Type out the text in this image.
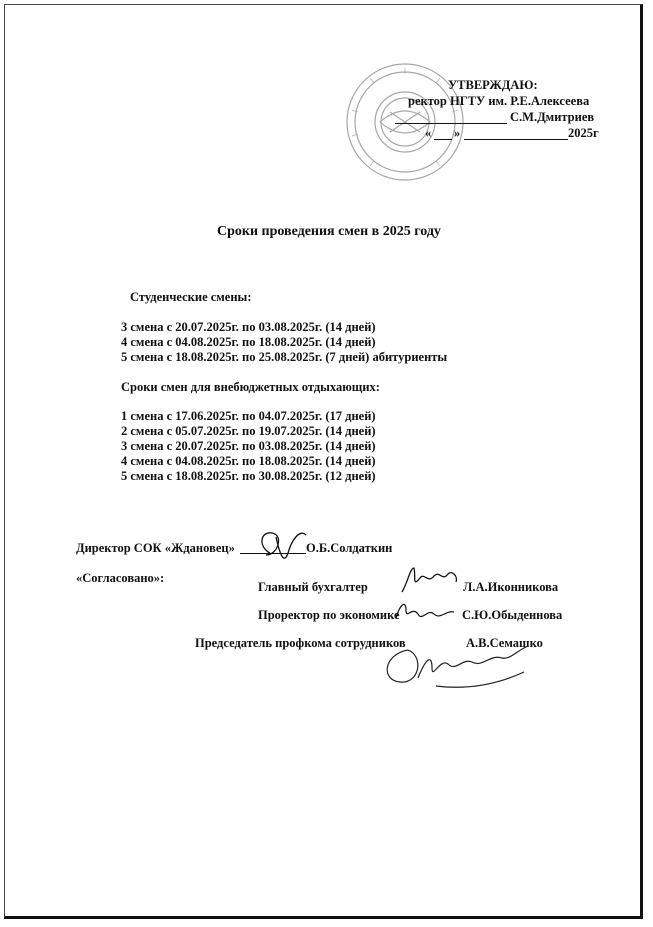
УТВЕРЖДАЮ:
ректор НГТУ им. Р.Е.Алексеева
С.М.Дмитриев
« »	2025г
Сроки проведения смен в 2025 году
Студенческие смены:
3 смена с 20.07.2025г. по 03.08.2025г. (14 дней)
4 смена с 04.08.2025г. по 18.08.2025г. (14 дней)
5 смена с 18.08.2025г. по 25.08.2025г. (7 дней) абитуриенты
Сроки смен для внебюджетных отдыхающих:
1 смена с 17.06.2025г. по 04.07.2025г. (17 дней)
2 смена с 05.07.2025г. по 19.07.2025г. (14 дней)
3 смена с 20.07.2025г. по 03.08.2025г. (14 дней)
4 смена с 04.08.2025г. по 18.08.2025г. (14 дней)
5 смена с 18.08.2025г. по 30.08.2025г. (12 дней)
Директор СОК «Ждановец»	О.Б.Солдаткин
«Согласовано»:
Главный бухгалтер	Л.А.Иконникова
Проректор по экономике	С.Ю.Обыденнова
Председатель профкома сотрудников	А.В.Семашко
